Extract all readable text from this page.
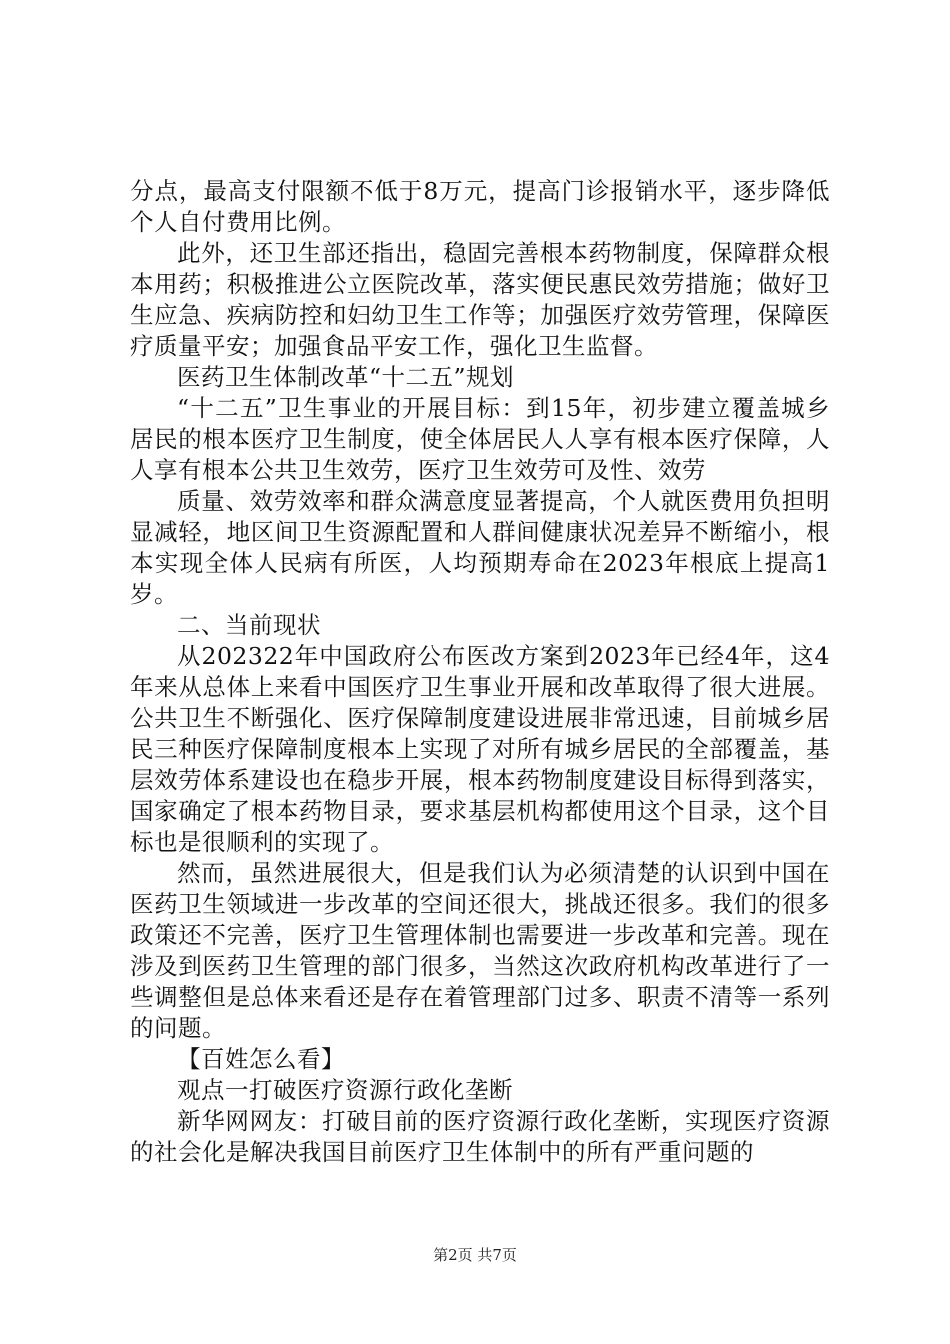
分点，最高支付限额不低于8万元，提高门诊报销水平，逐步降低个人自付费用比例。

此外，还卫生部还指出，稳固完善根本药物制度，保障群众根本用药；积极推进公立医院改革，落实便民惠民效劳措施；做好卫生应急、疾病防控和妇幼卫生工作等；加强医疗效劳管理，保障医疗质量平安；加强食品平安工作，强化卫生监督。

医药卫生体制改革“十二五”规划

“十二五”卫生事业的开展目标：到15年，初步建立覆盖城乡居民的根本医疗卫生制度，使全体居民人人享有根本医疗保障，人人享有根本公共卫生效劳，医疗卫生效劳可及性、效劳

质量、效劳效率和群众满意度显著提高，个人就医费用负担明显减轻，地区间卫生资源配置和人群间健康状况差异不断缩小，根本实现全体人民病有所医，人均预期寿命在2023年根底上提高1岁。

二、当前现状

从202322年中国政府公布医改方案到2023年已经4年，这4年来从总体上来看中国医疗卫生事业开展和改革取得了很大进展。公共卫生不断强化、医疗保障制度建设进展非常迅速，目前城乡居民三种医疗保障制度根本上实现了对所有城乡居民的全部覆盖，基层效劳体系建设也在稳步开展，根本药物制度建设目标得到落实，国家确定了根本药物目录，要求基层机构都使用这个目录，这个目标也是很顺利的实现了。

然而，虽然进展很大，但是我们认为必须清楚的认识到中国在医药卫生领域进一步改革的空间还很大，挑战还很多。我们的很多政策还不完善，医疗卫生管理体制也需要进一步改革和完善。现在涉及到医药卫生管理的部门很多，当然这次政府机构改革进行了一些调整但是总体来看还是存在着管理部门过多、职责不清等一系列的问题。

【百姓怎么看】

观点一打破医疗资源行政化垄断

新华网网友：打破目前的医疗资源行政化垄断，实现医疗资源的社会化是解决我国目前医疗卫生体制中的所有严重问题的

第2页 共7页
